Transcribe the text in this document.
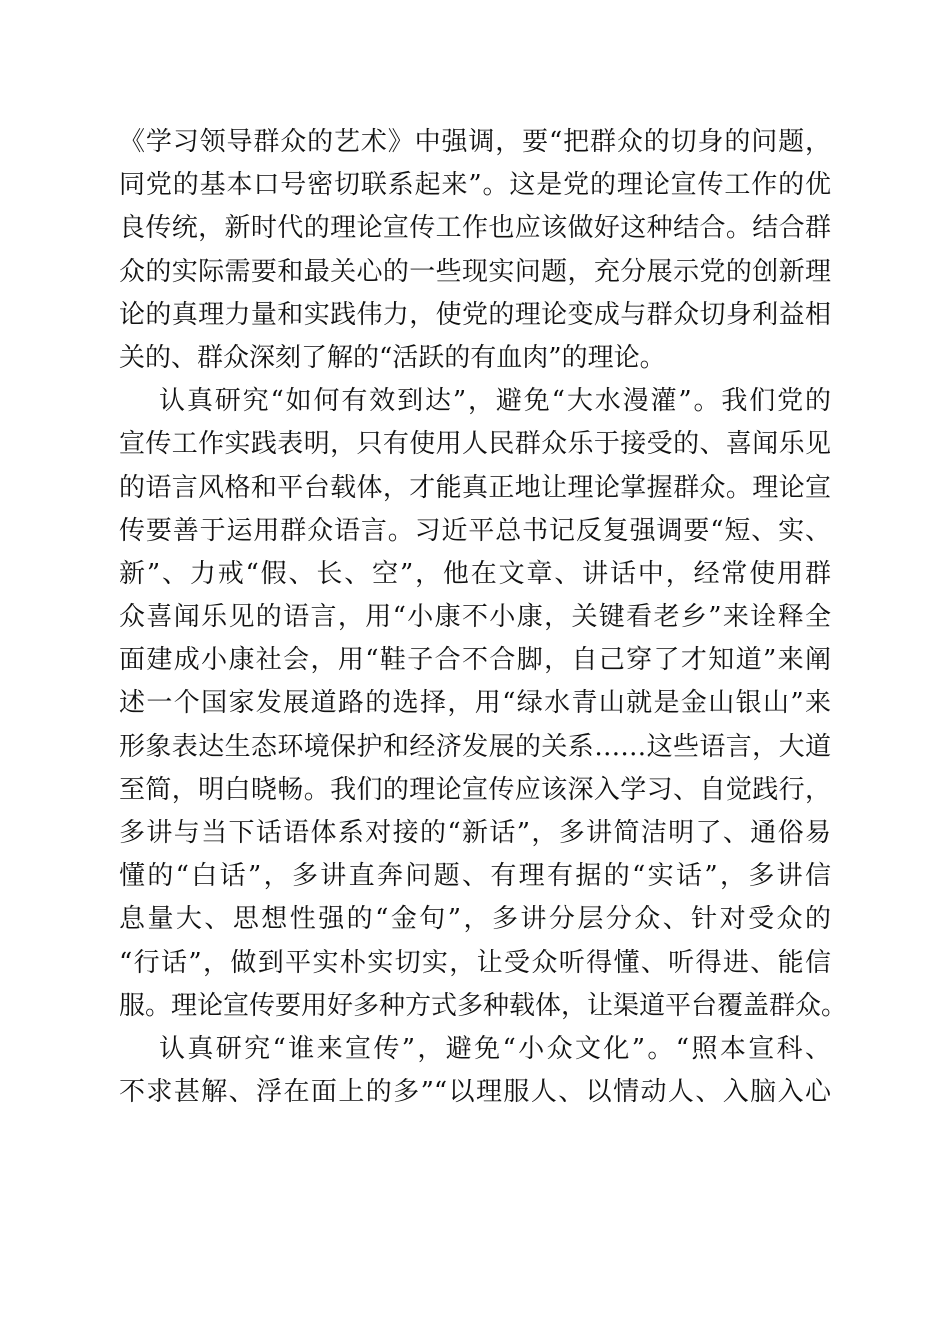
《学习领导群众的艺术》中强调，要“把群众的切身的问题，
同党的基本口号密切联系起来”。这是党的理论宣传工作的优
良传统，新时代的理论宣传工作也应该做好这种结合。结合群
众的实际需要和最关心的一些现实问题，充分展示党的创新理
论的真理力量和实践伟力，使党的理论变成与群众切身利益相
关的、群众深刻了解的“活跃的有血肉”的理论。
认真研究“如何有效到达”，避免“大水漫灌”。我们党的
宣传工作实践表明，只有使用人民群众乐于接受的、喜闻乐见
的语言风格和平台载体，才能真正地让理论掌握群众。理论宣
传要善于运用群众语言。习近平总书记反复强调要“短、实、
新”、力戒“假、长、空”，他在文章、讲话中，经常使用群
众喜闻乐见的语言，用“小康不小康，关键看老乡”来诠释全
面建成小康社会，用“鞋子合不合脚，自己穿了才知道”来阐
述一个国家发展道路的选择，用“绿水青山就是金山银山”来
形象表达生态环境保护和经济发展的关系……这些语言，大道
至简，明白晓畅。我们的理论宣传应该深入学习、自觉践行，
多讲与当下话语体系对接的“新话”，多讲简洁明了、通俗易
懂的“白话”，多讲直奔问题、有理有据的“实话”，多讲信
息量大、思想性强的“金句”，多讲分层分众、针对受众的
“行话”，做到平实朴实切实，让受众听得懂、听得进、能信
服。理论宣传要用好多种方式多种载体，让渠道平台覆盖群众。
认真研究“谁来宣传”，避免“小众文化”。“照本宣科、
不求甚解、浮在面上的多”“以理服人、以情动人、入脑入心
